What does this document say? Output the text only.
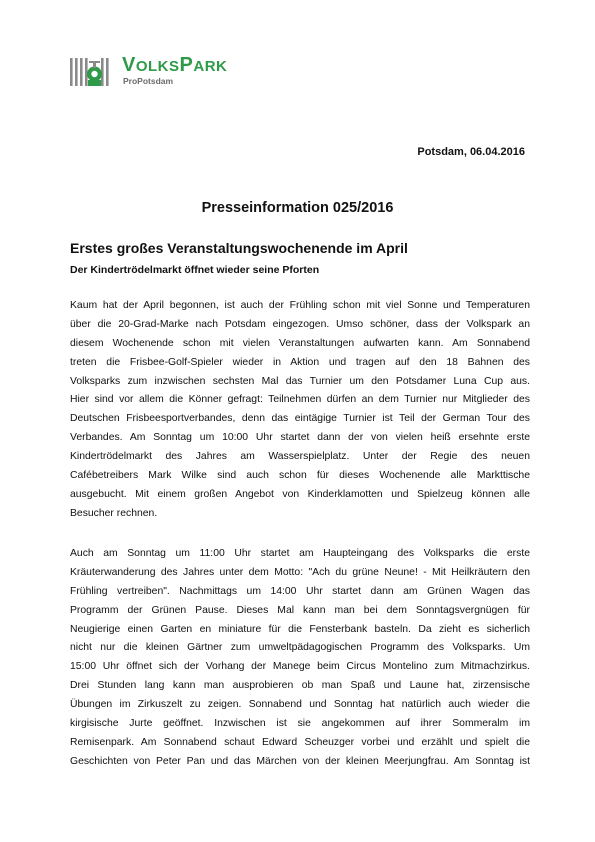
VOLKSPARK
ProPotsdam
Potsdam, 06.04.2016
Presseinformation 025/2016
Erstes großes Veranstaltungswochenende im April
Der Kindertrödelmarkt öffnet wieder seine Pforten
Kaum hat der April begonnen, ist auch der Frühling schon mit viel Sonne und Temperaturen
über die 20-Grad-Marke nach Potsdam eingezogen. Umso schöner, dass der Volkspark an
diesem Wochenende schon mit vielen Veranstaltungen aufwarten kann. Am Sonnabend
treten die Frisbee-Golf-Spieler wieder in Aktion und tragen auf den 18 Bahnen des
Volksparks zum inzwischen sechsten Mal das Turnier um den Potsdamer Luna Cup aus.
Hier sind vor allem die Könner gefragt: Teilnehmen dürfen an dem Turnier nur Mitglieder des
Deutschen Frisbeesportverbandes, denn das eintägige Turnier ist Teil der German Tour des
Verbandes. Am Sonntag um 10:00 Uhr startet dann der von vielen heiß ersehnte erste
Kindertrödelmarkt des Jahres am Wasserspielplatz. Unter der Regie des neuen
Cafébetreibers Mark Wilke sind auch schon für dieses Wochenende alle Markttische
ausgebucht. Mit einem großen Angebot von Kinderklamotten und Spielzeug können alle
Besucher rechnen.
Auch am Sonntag um 11:00 Uhr startet am Haupteingang des Volksparks die erste
Kräuterwanderung des Jahres unter dem Motto: "Ach du grüne Neune! - Mit Heilkräutern den
Frühling vertreiben". Nachmittags um 14:00 Uhr startet dann am Grünen Wagen das
Programm der Grünen Pause. Dieses Mal kann man bei dem Sonntagsvergnügen für
Neugierige einen Garten en miniature für die Fensterbank basteln. Da zieht es sicherlich
nicht nur die kleinen Gärtner zum umweltpädagogischen Programm des Volksparks. Um
15:00 Uhr öffnet sich der Vorhang der Manege beim Circus Montelino zum Mitmachzirkus.
Drei Stunden lang kann man ausprobieren ob man Spaß und Laune hat, zirzensische
Übungen im Zirkuszelt zu zeigen. Sonnabend und Sonntag hat natürlich auch wieder die
kirgisische Jurte geöffnet. Inzwischen ist sie angekommen auf ihrer Sommeralm im
Remisenpark. Am Sonnabend schaut Edward Scheuzger vorbei und erzählt und spielt die
Geschichten von Peter Pan und das Märchen von der kleinen Meerjungfrau. Am Sonntag ist
